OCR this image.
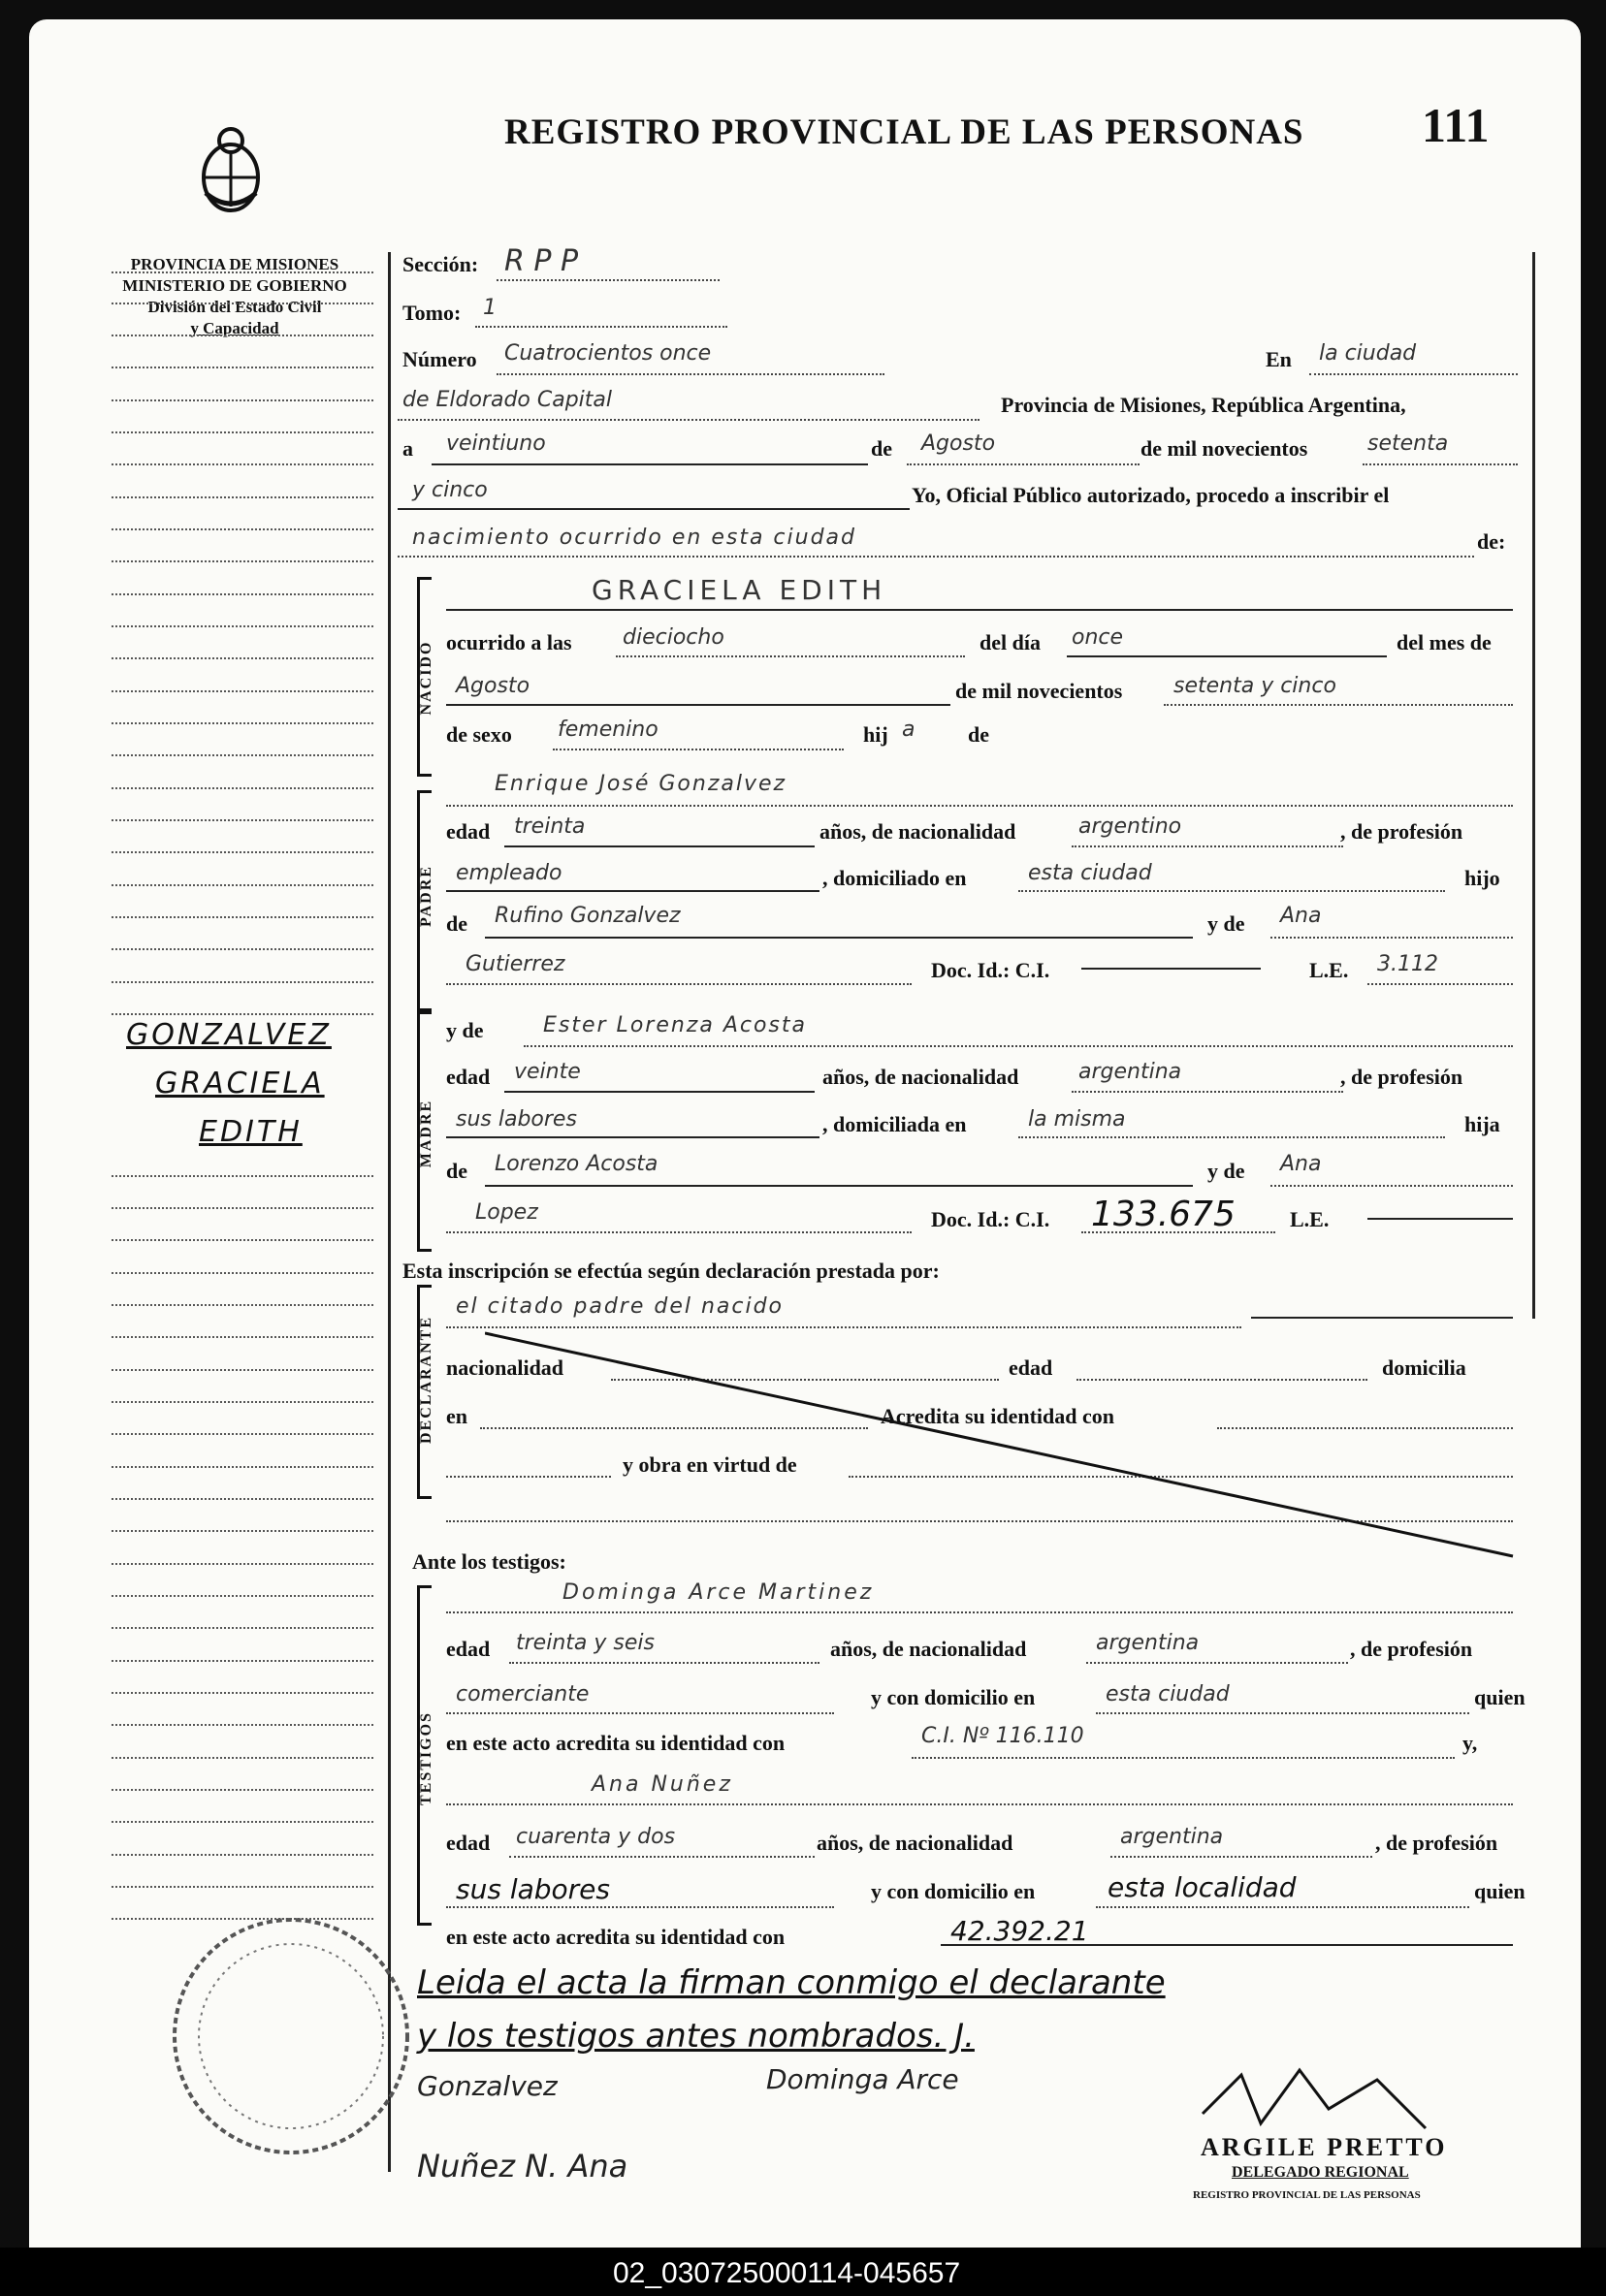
REGISTRO PROVINCIAL DE LAS PERSONAS 111
PROVINCIA DE MISIONES
MINISTERIO DE GOBIERNO
División del Estado Civil
y Capacidad
GONZALVEZ
GRACIELA
EDITH
Sección: R P P
Tomo: 1
Número Cuatrocientos once	En la ciudad
de Eldorado Capital	Provincia de Misiones, República Argentina,
a veintiuno	de Agosto	de mil novecientos	setenta
y cinco	Yo, Oficial Público autorizado, procedo a inscribir el
nacimiento ocurrido en esta ciudad	de:
NACIDO
GRACIELA EDITH
ocurrido a las dieciocho	del día once	del mes de
Agosto	de mil novecientos setenta y cinco
de sexo femenino	hij a de
PADRE
Enrique José Gonzalvez
edad treinta	años, de nacionalidad	argentino	, de profesión
empleado	, domiciliado en	esta ciudad	hijo
de Rufino Gonzalvez	y de Ana
Gutierrez	Doc. Id.: C.I.	L.E. 3.112
MADRE
y de	Ester Lorenza Acosta
edad veinte	años, de nacionalidad	argentina	, de profesión
sus labores	, domiciliada en	la misma	hija
de Lorenzo Acosta	y de Ana
Lopez	Doc. Id.: C.I. 133.675	L.E.
Esta inscripción se efectúa según declaración prestada por:
DECLARANTE
el citado padre del nacido
nacionalidad	edad	domicilia
en	Acredita su identidad con
y obra en virtud de
Ante los testigos:
TESTIGOS
Dominga Arce Martinez
edad treinta y seis	años, de nacionalidad	argentina	, de profesión
comerciante	y con domicilio en	esta ciudad	quien
en este acto acredita su identidad con	C.I. Nº 116.110	y,
Ana Nuñez
edad cuarenta y dos	años, de nacionalidad	argentina	, de profesión
sus labores	y con domicilio en	esta localidad	quien
en este acto acredita su identidad con	42.392.21
Leida el acta la firman conmigo el declarante
y los testigos antes nombrados. J.
Gonzalvez	Dominga Arce
Nuñez N. Ana
ARGILE PRETTO
DELEGADO REGIONAL
REGISTRO PROVINCIAL DE LAS PERSONAS
02_030725000114-045657
